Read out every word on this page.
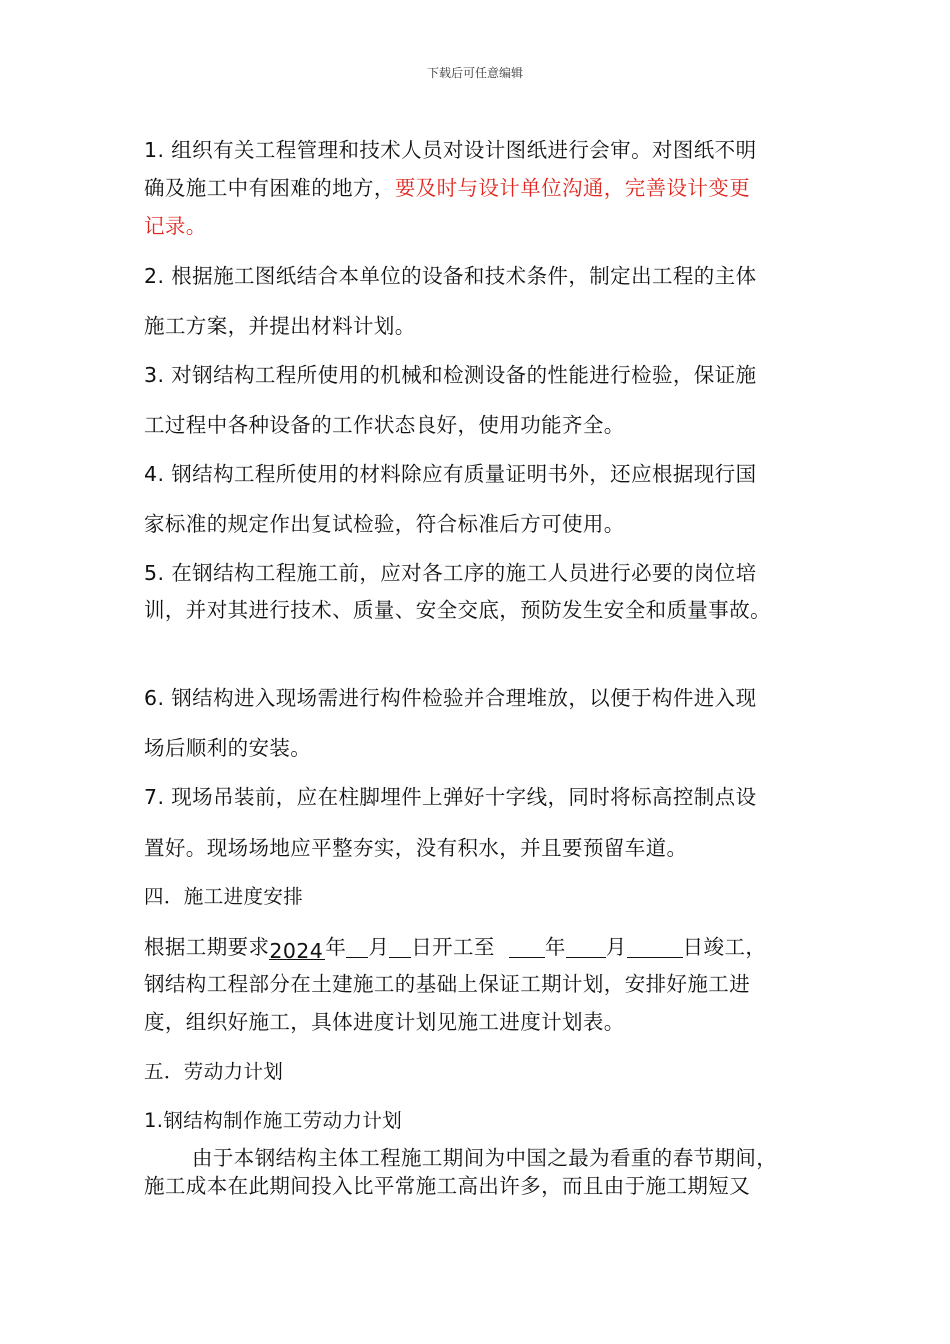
下载后可任意编辑
1. 组织有关工程管理和技术人员对设计图纸进行会审。对图纸不明
确及施工中有困难的地方，要及时与设计单位沟通，完善设计变更
记录。
2. 根据施工图纸结合本单位的设备和技术条件，制定出工程的主体
施工方案，并提出材料计划。
3. 对钢结构工程所使用的机械和检测设备的性能进行检验，保证施
工过程中各种设备的工作状态良好，使用功能齐全。
4. 钢结构工程所使用的材料除应有质量证明书外，还应根据现行国
家标准的规定作出复试检验，符合标准后方可使用。
5. 在钢结构工程施工前，应对各工序的施工人员进行必要的岗位培
训，并对其进行技术、质量、安全交底，预防发生安全和质量事故。
6. 钢结构进入现场需进行构件检验并合理堆放，以便于构件进入现
场后顺利的安装。
7. 现场吊装前，应在柱脚埋件上弹好十字线，同时将标高控制点设
置好。现场场地应平整夯实，没有积水，并且要预留车道。
四．施工进度安排
根据工期要求2024 年 月 日开工至 年 月	日竣工，
钢结构工程部分在土建施工的基础上保证工期计划，安排好施工进
度，组织好施工，具体进度计划见施工进度计划表。
五．劳动力计划
1.钢结构制作施工劳动力计划
由于本钢结构主体工程施工期间为中国之最为看重的春节期间，
施工成本在此期间投入比平常施工高出许多，而且由于施工期短又
